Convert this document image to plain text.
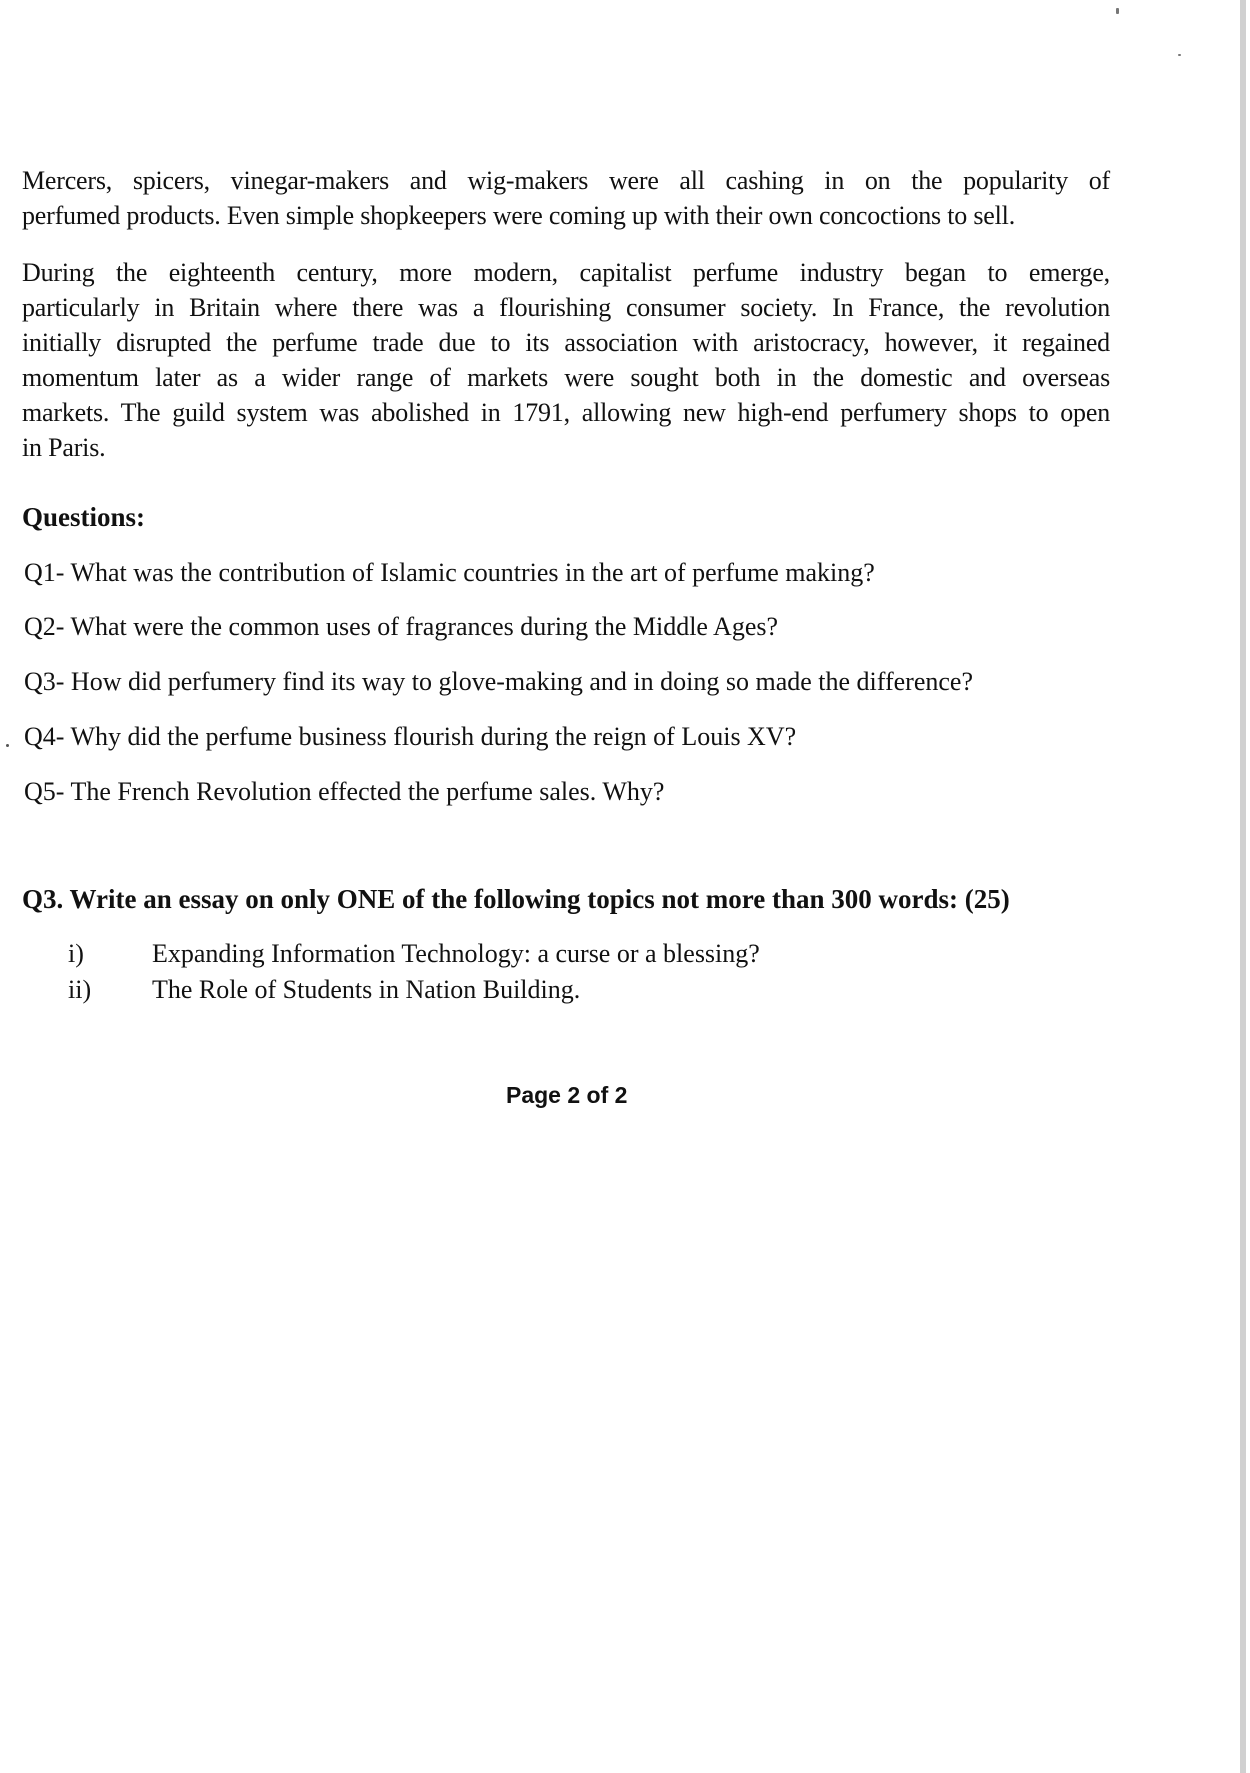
Mercers, spicers, vinegar-makers and wig-makers were all cashing in on the popularity of
perfumed products. Even simple shopkeepers were coming up with their own concoctions to sell.
During the eighteenth century, more modern, capitalist perfume industry began to emerge,
particularly in Britain where there was a flourishing consumer society. In France, the revolution
initially disrupted the perfume trade due to its association with aristocracy, however, it regained
momentum later as a wider range of markets were sought both in the domestic and overseas
markets. The guild system was abolished in 1791, allowing new high-end perfumery shops to open
in Paris.
Questions:
Q1- What was the contribution of Islamic countries in the art of perfume making?
Q2- What were the common uses of fragrances during the Middle Ages?
Q3- How did perfumery find its way to glove-making and in doing so made the difference?
Q4- Why did the perfume business flourish during the reign of Louis XV?
Q5- The French Revolution effected the perfume sales. Why?
Q3. Write an essay on only ONE of the following topics not more than 300 words: (25)
i)	Expanding Information Technology: a curse or a blessing?
ii) The Role of Students in Nation Building.
Page 2 of 2
